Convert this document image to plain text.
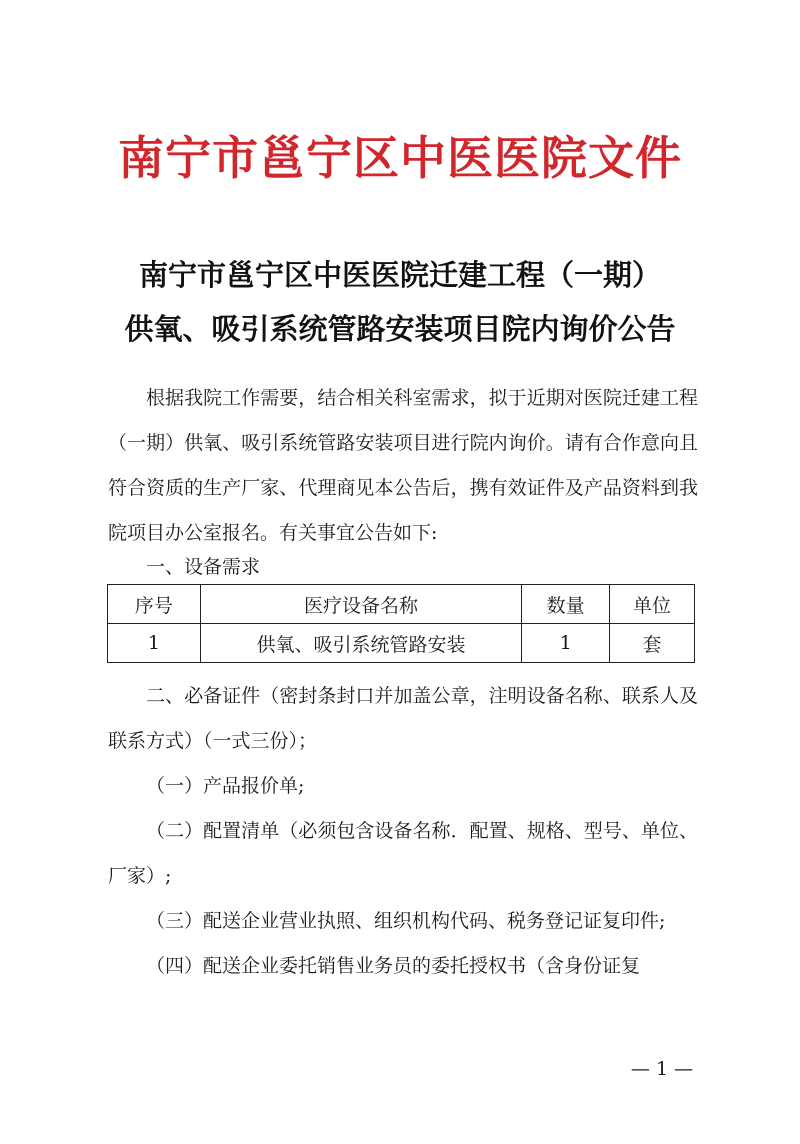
南宁市邕宁区中医医院文件
南宁市邕宁区中医医院迁建工程（一期）
供氧、吸引系统管路安装项目院内询价公告

根据我院工作需要，结合相关科室需求，拟于近期对医院迁建工程（一期）供氧、吸引系统管路安装项目进行院内询价。请有合作意向且符合资质的生产厂家、代理商见本公告后，携有效证件及产品资料到我院项目办公室报名。有关事宜公告如下:

一、设备需求
序号	医疗设备名称	数量	单位
1	供氧、吸引系统管路安装	1	套

二、必备证件（密封条封口并加盖公章，注明设备名称、联系人及联系方式）（一式三份）；

（一）产品报价单;

（二）配置清单（必须包含设备名称．配置、规格、型号、单位、厂家）;

（三）配送企业营业执照、组织机构代码、税务登记证复印件;

（四）配送企业委托销售业务员的委托授权书（含身份证复

— 1 —
